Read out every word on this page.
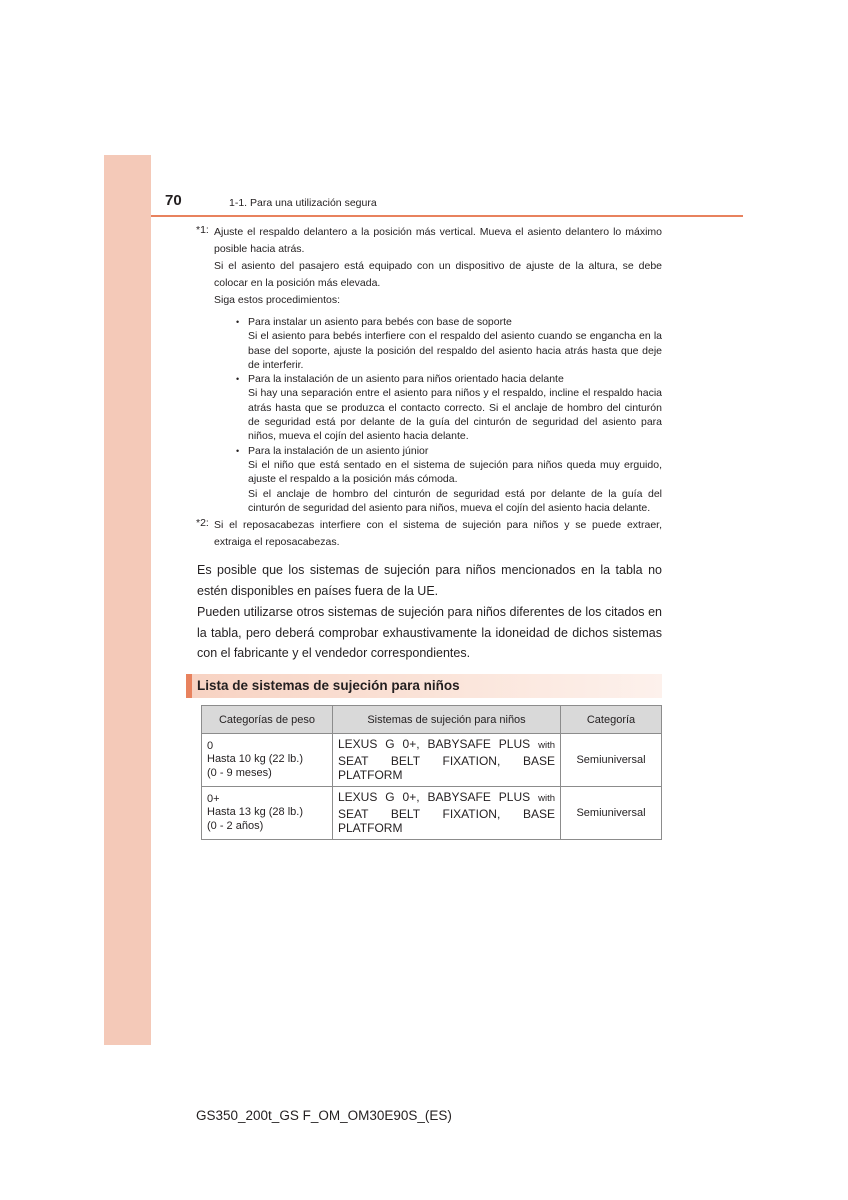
70	1-1. Para una utilización segura
*1: Ajuste el respaldo delantero a la posición más vertical. Mueva el asiento delantero lo máximo posible hacia atrás.

Si el asiento del pasajero está equipado con un dispositivo de ajuste de la altura, se debe colocar en la posición más elevada.

Siga estos procedimientos:

• Para instalar un asiento para bebés con base de soporte

Si el asiento para bebés interfiere con el respaldo del asiento cuando se engancha en la base del soporte, ajuste la posición del respaldo del asiento hacia atrás hasta que deje de interferir.

• Para la instalación de un asiento para niños orientado hacia delante

Si hay una separación entre el asiento para niños y el respaldo, incline el respaldo hacia atrás hasta que se produzca el contacto correcto. Si el anclaje de hombro del cinturón de seguridad está por delante de la guía del cinturón de seguridad del asiento para niños, mueva el cojín del asiento hacia delante.

• Para la instalación de un asiento júnior

Si el niño que está sentado en el sistema de sujeción para niños queda muy erguido, ajuste el respaldo a la posición más cómoda.

Si el anclaje de hombro del cinturón de seguridad está por delante de la guía del cinturón de seguridad del asiento para niños, mueva el cojín del asiento hacia delante.

*2: Si el reposacabezas interfiere con el sistema de sujeción para niños y se puede extraer, extraiga el reposacabezas.

Es posible que los sistemas de sujeción para niños mencionados en la tabla no estén disponibles en países fuera de la UE.

Pueden utilizarse otros sistemas de sujeción para niños diferentes de los citados en la tabla, pero deberá comprobar exhaustivamente la idoneidad de dichos sistemas con el fabricante y el vendedor correspondientes.

Lista de sistemas de sujeción para niños
Categorías de peso	Sistemas de sujeción para niños	Categoría

0
Hasta 10 kg (22 lb.)
(0 - 9 meses)	LEXUS G 0+, BABYSAFE PLUS with SEAT BELT FIXATION, BASE PLATFORM	Semiuniversal

0+
Hasta 13 kg (28 lb.)
(0 - 2 años)	LEXUS G 0+, BABYSAFE PLUS with SEAT BELT FIXATION, BASE PLATFORM	Semiuniversal
GS350_200t_GS F_OM_OM30E90S_(ES)
